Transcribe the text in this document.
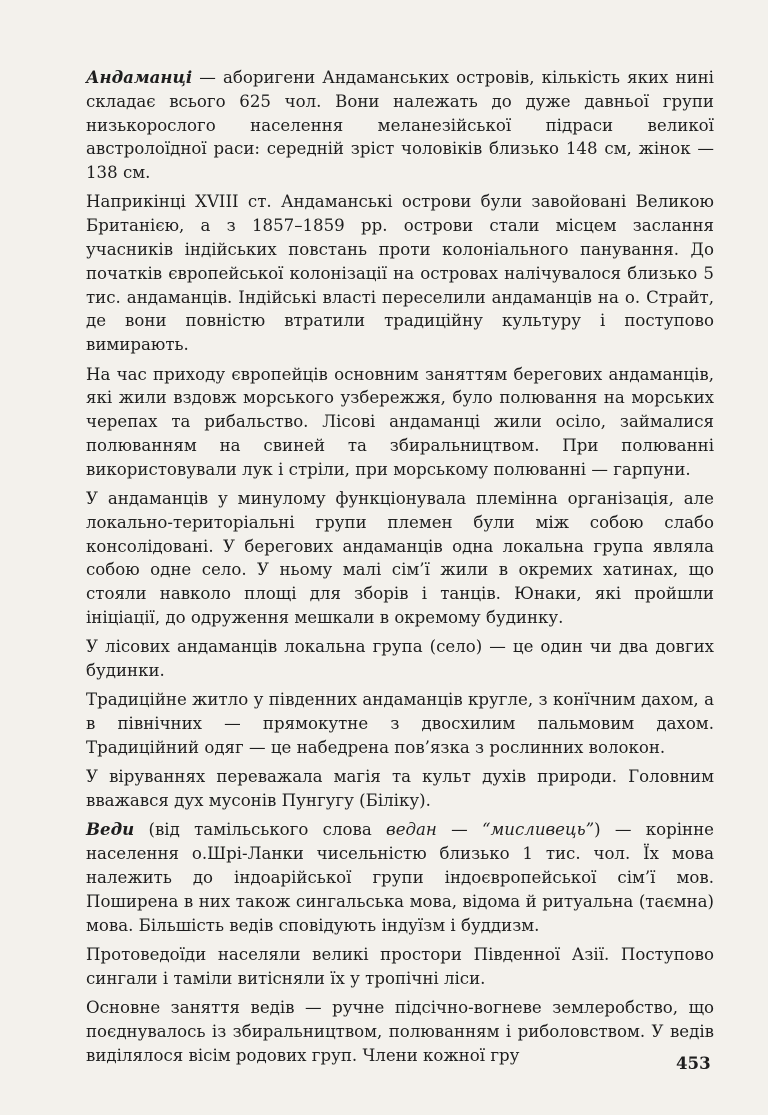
Андаманці — аборигени Андаманських островів, кількість яких нині складає всього 625 чол. Вони належать до дуже давньої групи низькорослого населення меланезійської підраси великої австролоїдної раси: середній зріст чоловіків близько 148 см, жінок — 138 см.

Наприкінці XVIII ст. Андаманські острови були завойовані Великою Британією, а з 1857–1859 рр. острови стали місцем заслання учасників індійських повстань проти колоніального панування. До початків європейської колонізації на островах налічувалося близько 5 тис. андаманців. Індійські власті переселили андаманців на о. Страйт, де вони повністю втратили традиційну культуру і поступово вимирають.

На час приходу європейців основним заняттям берегових андаманців, які жили вздовж морського узбережжя, було полювання на морських черепах та рибальство. Лісові андаманці жили осіло, займалися полюванням на свиней та збиральництвом. При полюванні використовували лук і стріли, при морському полюванні — гарпуни.

У андаманців у минулому функціонувала племінна організація, але локально-територіальні групи племен були між собою слабо консолідовані. У берегових андаманців одна локальна група являла собою одне село. У ньому малі сім’ї жили в окремих хатинах, що стояли навколо площі для зборів і танців. Юнаки, які пройшли ініціації, до одруження мешкали в окремому будинку.

У лісових андаманців локальна група (село) — це один чи два довгих будинки.

Традиційне житло у південних андаманців кругле, з конїчним дахом, а в північних — прямокутне з двосхилим пальмовим дахом. Традиційний одяг — це набедрена пов’язка з рослинних волокон.

У віруваннях переважала магія та культ духів природи. Головним вважався дух мусонів Пунгугу (Біліку).

Веди (від тамільського слова ведан — “мисливець”) — корінне населення о.Шрі-Ланки чисельністю близько 1 тис. чол. Їх мова належить до індоарійської групи індоєвропейської сім’ї мов. Поширена в них також сингальська мова, відома й ритуальна (таємна) мова. Більшість ведів сповідують індуїзм і буддизм.

Протоведоїди населяли великі простори Південної Азії. Поступово сингали і таміли витісняли їх у тропічні ліси.

Основне заняття ведів — ручне підсічно-вогневе землеробство, що поєднувалось із збиральництвом, полюванням і риболовством. У ведів виділялося вісім родових груп. Члени кожної гру	453
